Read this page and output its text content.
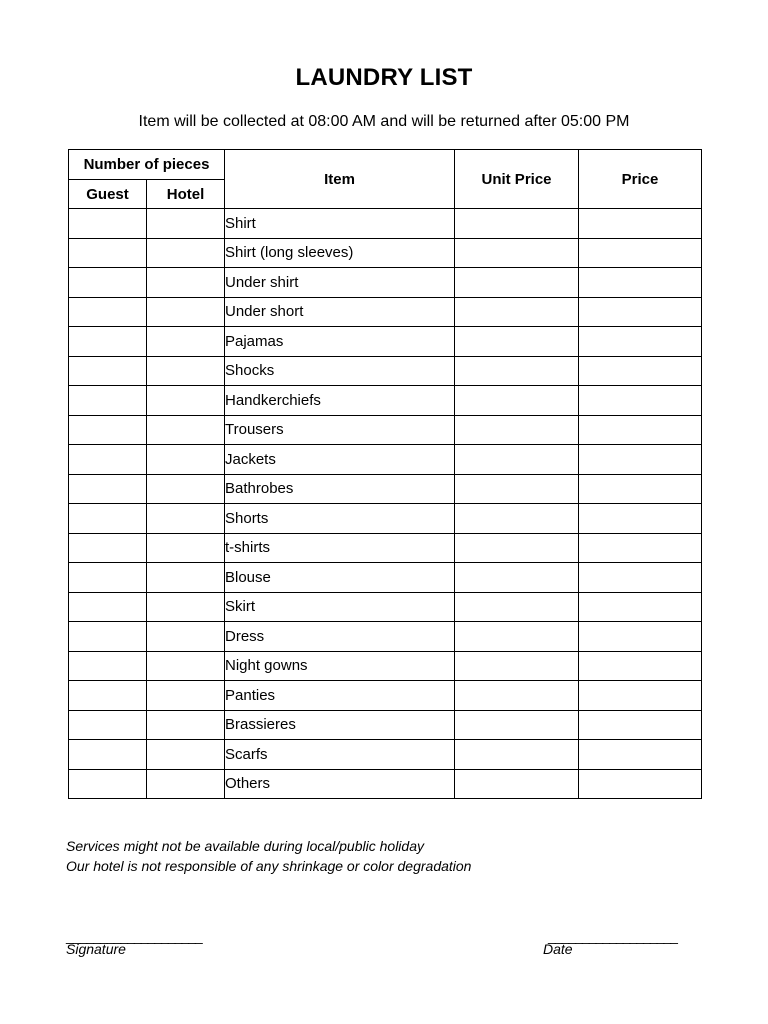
LAUNDRY LIST
Item will be collected at 08:00 AM and will be returned after 05:00 PM
Number of pieces		Item	Unit Price	Price
Guest	Hotel			
		Shirt		
		Shirt (long sleeves)		
		Under shirt		
		Under short		
		Pajamas		
		Shocks		
		Handkerchiefs		
		Trousers		
		Jackets		
		Bathrobes		
		Shorts		
		t-shirts		
		Blouse		
		Skirt		
		Dress		
		Night gowns		
		Panties		
		Brassieres		
		Scarfs		
		Others		
Services might not be available during local/public holiday
Our hotel is not responsible of any shrinkage or color degradation
____________________
Signature
___________________
Date
